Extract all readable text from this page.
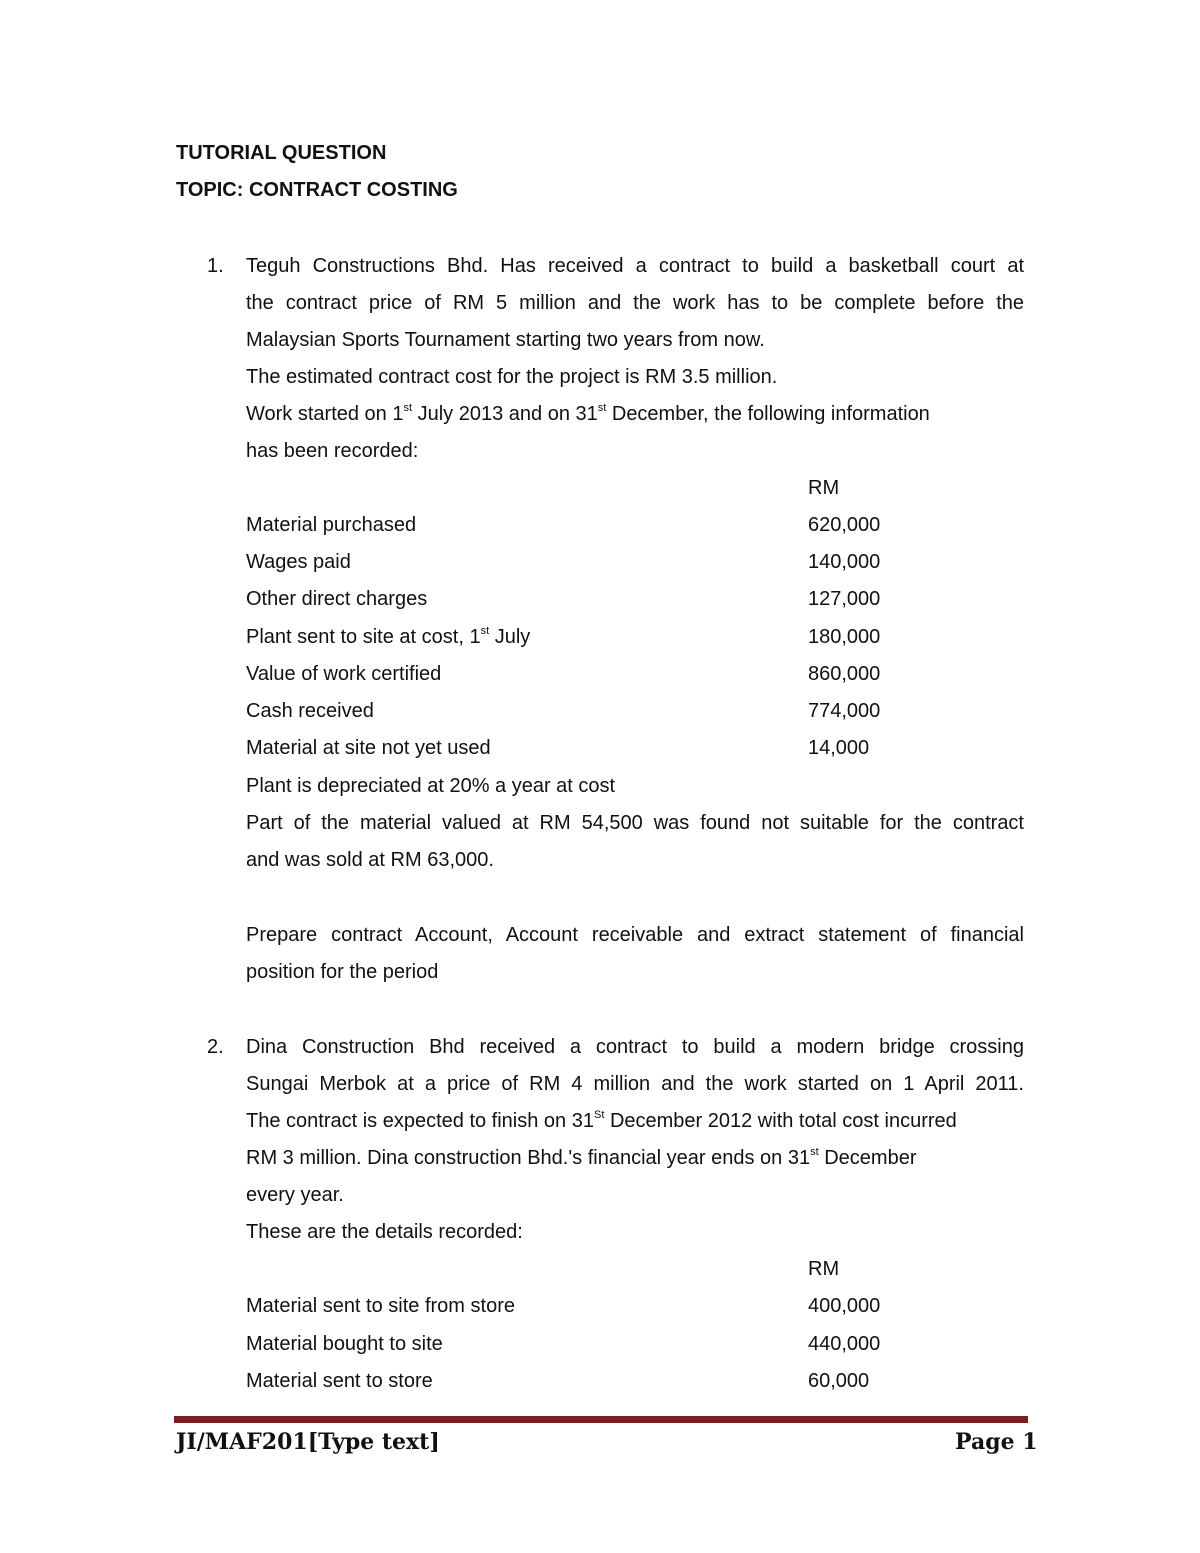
TUTORIAL QUESTION
TOPIC: CONTRACT COSTING
1.	Teguh Constructions Bhd. Has received a contract to build a basketball court at
the contract price of RM 5 million and the work has to be complete before the
Malaysian Sports Tournament starting two years from now.
The estimated contract cost for the project is RM 3.5 million.
Work started on 1st July 2013 and on 31st December, the following information
has been recorded:
RM
Material purchased	620,000
Wages paid	140,000
Other direct charges	127,000
Plant sent to site at cost, 1st July	180,000
Value of work certified	860,000
Cash received	774,000
Material at site not yet used	14,000
Plant is depreciated at 20% a year at cost
Part of the material valued at RM 54,500 was found not suitable for the contract
and was sold at RM 63,000.
Prepare contract Account, Account receivable and extract statement of financial
position for the period
2.	Dina Construction Bhd received a contract to build a modern bridge crossing
Sungai Merbok at a price of RM 4 million and the work started on 1 April 2011.
The contract is expected to finish on 31St December 2012 with total cost incurred
RM 3 million. Dina construction Bhd.'s financial year ends on 31st December
every year.
These are the details recorded:
RM
Material sent to site from store	400,000
Material bought to site	440,000
Material sent to store	60,000
JI/MAF201[Type text]	Page 1
